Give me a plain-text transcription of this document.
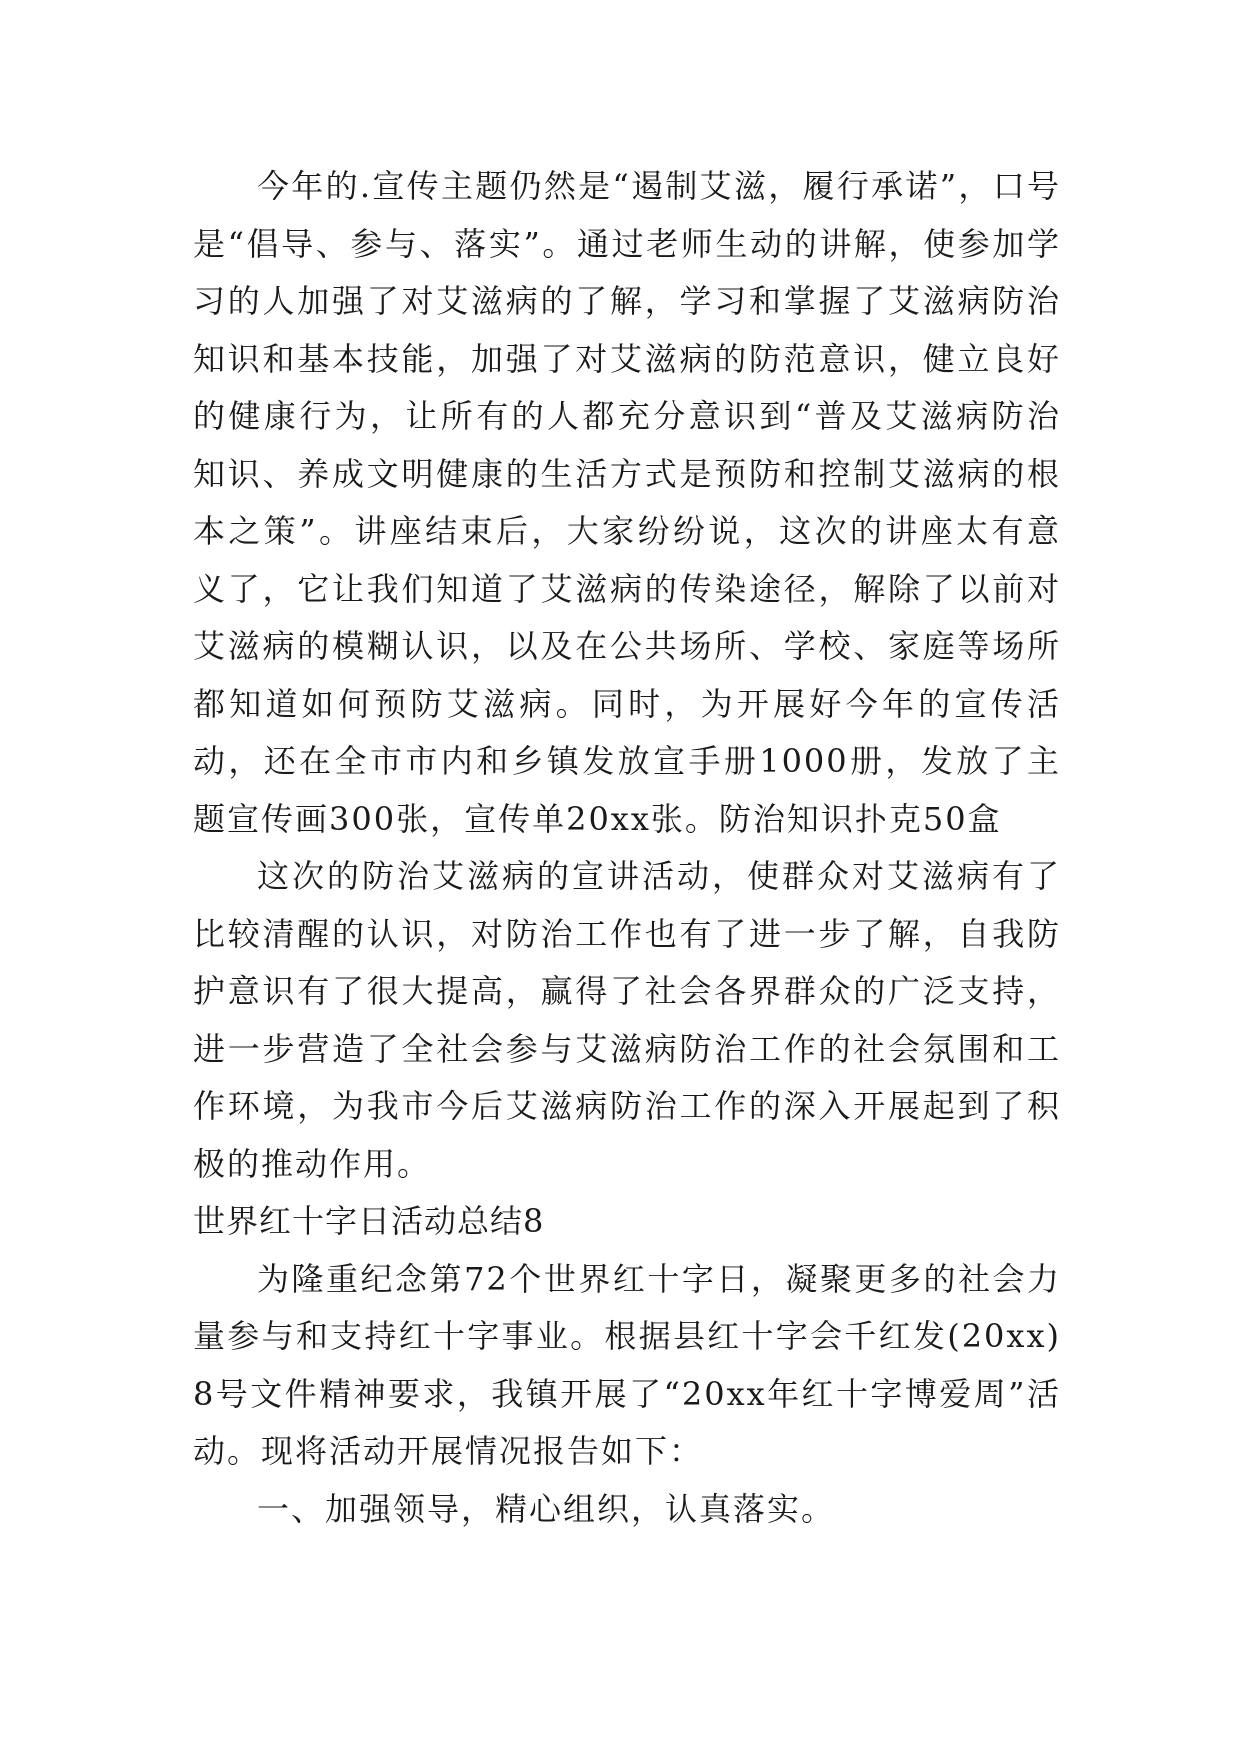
今年的.宣传主题仍然是“遏制艾滋，履行承诺”，口号是“倡导、参与、落实”。通过老师生动的讲解，使参加学习的人加强了对艾滋病的了解，学习和掌握了艾滋病防治知识和基本技能，加强了对艾滋病的防范意识，健立良好的健康行为，让所有的人都充分意识到“普及艾滋病防治知识、养成文明健康的生活方式是预防和控制艾滋病的根本之策”。讲座结束后，大家纷纷说，这次的讲座太有意义了，它让我们知道了艾滋病的传染途径，解除了以前对艾滋病的模糊认识，以及在公共场所、学校、家庭等场所都知道如何预防艾滋病。同时，为开展好今年的宣传活动，还在全市市内和乡镇发放宣手册1000册，发放了主题宣传画300张，宣传单20xx张。防治知识扑克50盒

这次的防治艾滋病的宣讲活动，使群众对艾滋病有了比较清醒的认识，对防治工作也有了进一步了解，自我防护意识有了很大提高，赢得了社会各界群众的广泛支持，进一步营造了全社会参与艾滋病防治工作的社会氛围和工作环境，为我市今后艾滋病防治工作的深入开展起到了积极的推动作用。

世界红十字日活动总结8

为隆重纪念第72个世界红十字日，凝聚更多的社会力量参与和支持红十字事业。根据县红十字会千红发(20xx)8号文件精神要求，我镇开展了“20xx年红十字博爱周”活动。现将活动开展情况报告如下：

一、加强领导，精心组织，认真落实。
